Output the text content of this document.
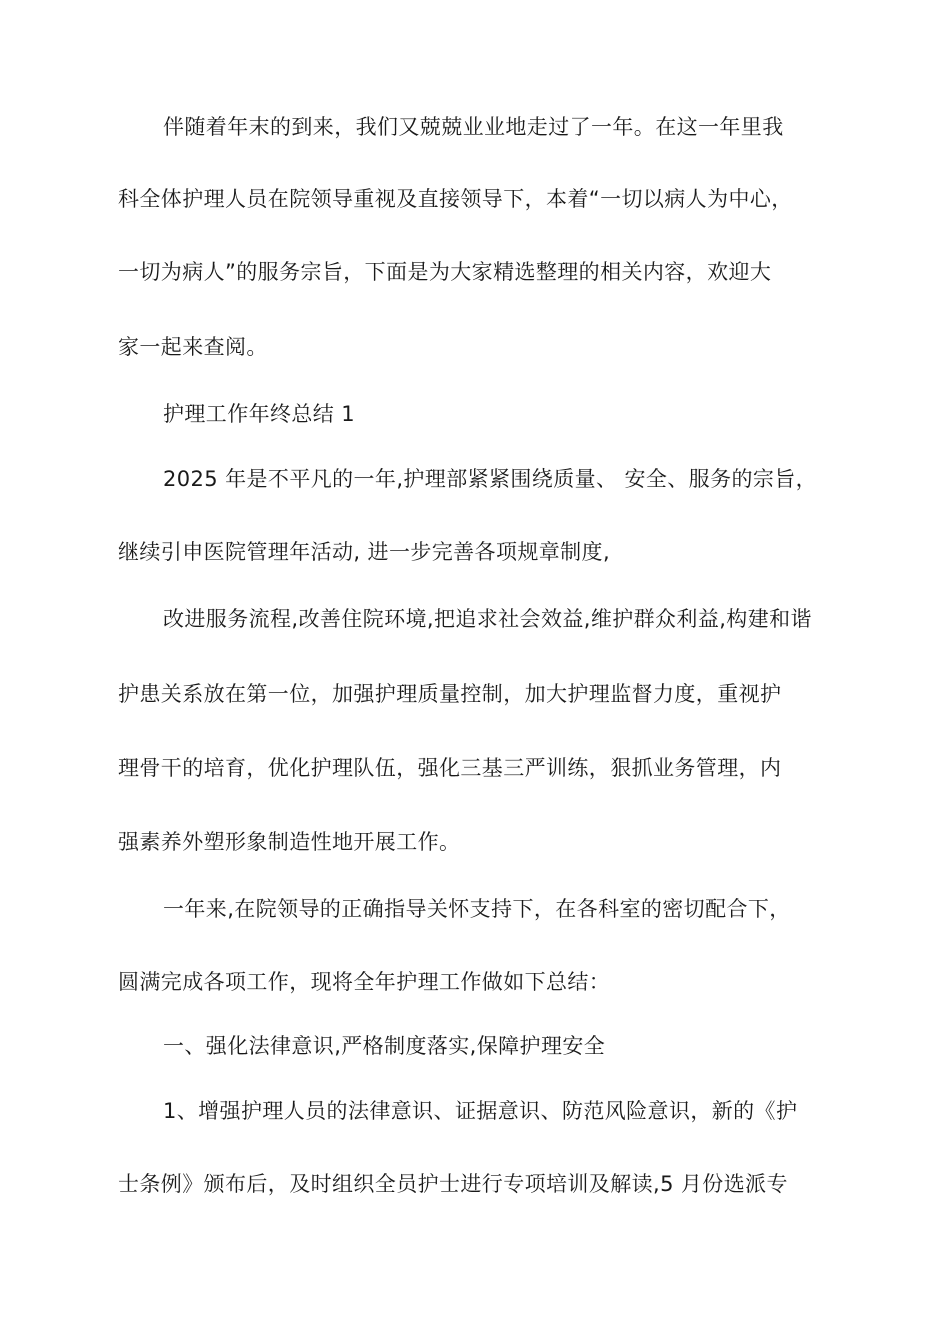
伴随着年末的到来，我们又兢兢业业地走过了一年。在这一年里我
科全体护理人员在院领导重视及直接领导下，本着“一切以病人为中心，
一切为病人”的服务宗旨，下面是为大家精选整理的相关内容，欢迎大
家一起来查阅。
护理工作年终总结 1
2025 年是不平凡的一年,护理部紧紧围绕质量、 安全、服务的宗旨，
继续引申医院管理年活动, 进一步完善各项规章制度,
改进服务流程,改善住院环境,把追求社会效益,维护群众利益,构建和谐
护患关系放在第一位，加强护理质量控制，加大护理监督力度，重视护
理骨干的培育，优化护理队伍，强化三基三严训练，狠抓业务管理，内
强素养外塑形象制造性地开展工作。
一年来,在院领导的正确指导关怀支持下，在各科室的密切配合下，
圆满完成各项工作，现将全年护理工作做如下总结：
一、强化法律意识,严格制度落实,保障护理安全
1、增强护理人员的法律意识、证据意识、防范风险意识，新的《护
士条例》颁布后，及时组织全员护士进行专项培训及解读,5 月份选派专
